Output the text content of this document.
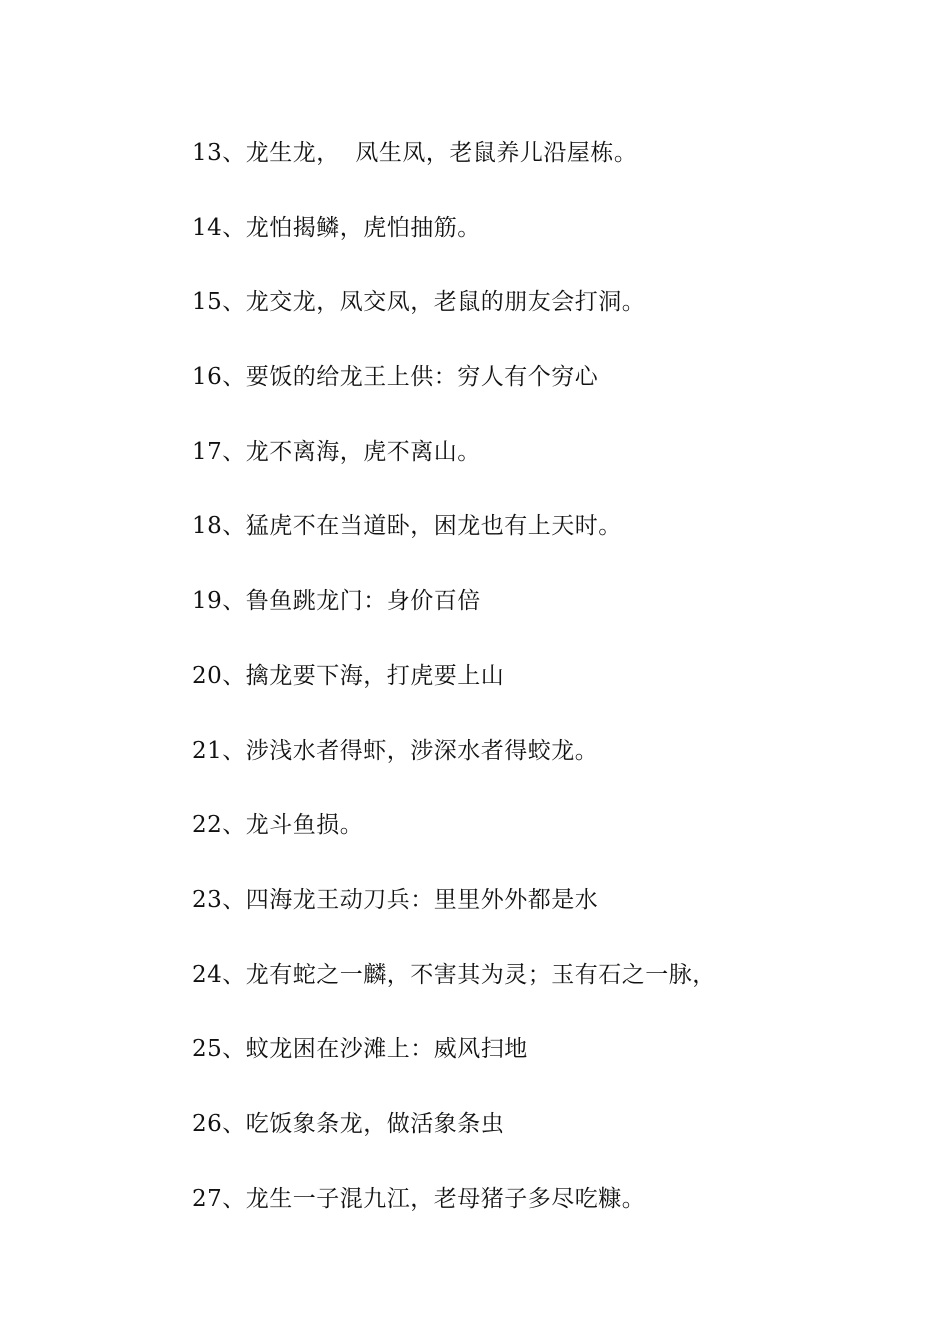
13、龙生龙，  凤生凤，老鼠养儿沿屋栋。
14、龙怕揭鳞，虎怕抽筋。
15、龙交龙，凤交凤，老鼠的朋友会打洞。
16、要饭的给龙王上供：穷人有个穷心
17、龙不离海，虎不离山。
18、猛虎不在当道卧，困龙也有上天时。
19、鲁鱼跳龙门：身价百倍
20、擒龙要下海，打虎要上山
21、涉浅水者得虾，涉深水者得蛟龙。
22、龙斗鱼损。
23、四海龙王动刀兵：里里外外都是水
24、龙有蛇之一麟，不害其为灵；玉有石之一脉，
25、蚊龙困在沙滩上：威风扫地
26、吃饭象条龙，做活象条虫
27、龙生一子混九江，老母猪子多尽吃糠。
